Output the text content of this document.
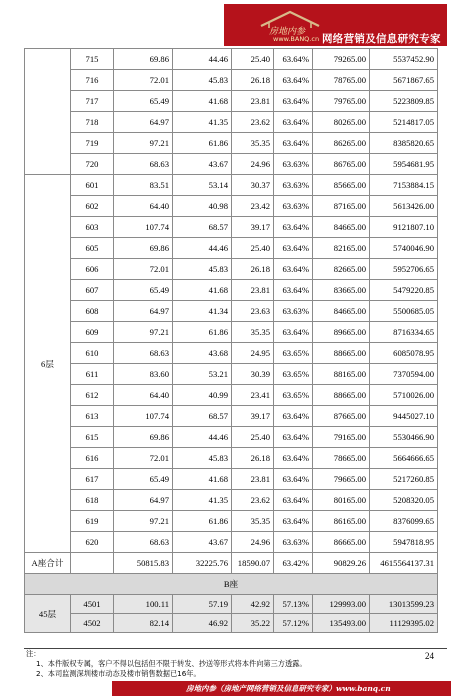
房地内参
www.BANQ.cn 网络营销及信息研究专家
	715	69.86	44.46	25.40	63.64%	79265.00	5537452.90
	716	72.01	45.83	26.18	63.64%	78765.00	5671867.65
	717	65.49	41.68	23.81	63.64%	79765.00	5223809.85
	718	64.97	41.35	23.62	63.64%	80265.00	5214817.05
	719	97.21	61.86	35.35	63.64%	86265.00	8385820.65
	720	68.63	43.67	24.96	63.63%	86765.00	5954681.95
6层	601	83.51	53.14	30.37	63.63%	85665.00	7153884.15
	602	64.40	40.98	23.42	63.63%	87165.00	5613426.00
	603	107.74	68.57	39.17	63.64%	84665.00	9121807.10
	605	69.86	44.46	25.40	63.64%	82165.00	5740046.90
	606	72.01	45.83	26.18	63.64%	82665.00	5952706.65
	607	65.49	41.68	23.81	63.64%	83665.00	5479220.85
	608	64.97	41.34	23.63	63.63%	84665.00	5500685.05
	609	97.21	61.86	35.35	63.64%	89665.00	8716334.65
	610	68.63	43.68	24.95	63.65%	88665.00	6085078.95
	611	83.60	53.21	30.39	63.65%	88165.00	7370594.00
	612	64.40	40.99	23.41	63.65%	88665.00	5710026.00
	613	107.74	68.57	39.17	63.64%	87665.00	9445027.10
	615	69.86	44.46	25.40	63.64%	79165.00	5530466.90
	616	72.01	45.83	26.18	63.64%	78665.00	5664666.65
	617	65.49	41.68	23.81	63.64%	79665.00	5217260.85
	618	64.97	41.35	23.62	63.64%	80165.00	5208320.05
	619	97.21	61.86	35.35	63.64%	86165.00	8376099.65
	620	68.63	43.67	24.96	63.63%	86665.00	5947818.95
A座合计		50815.83	32225.76	18590.07	63.42%	90829.26	4615564137.31
B座							
45层	4501	100.11	57.19	42.92	57.13%	129993.00	13013599.23
	4502	82.14	46.92	35.22	57.12%	135493.00	11129395.02
注：
1、本件版权专属，客户不得以包括但不限于转发、抄送等形式将本件向第三方透露。
2、本司监测深圳楼市动态及楼市销售数据已16年。
24
房地内参（房地产网络营销及信息研究专家）www.banq.cn
